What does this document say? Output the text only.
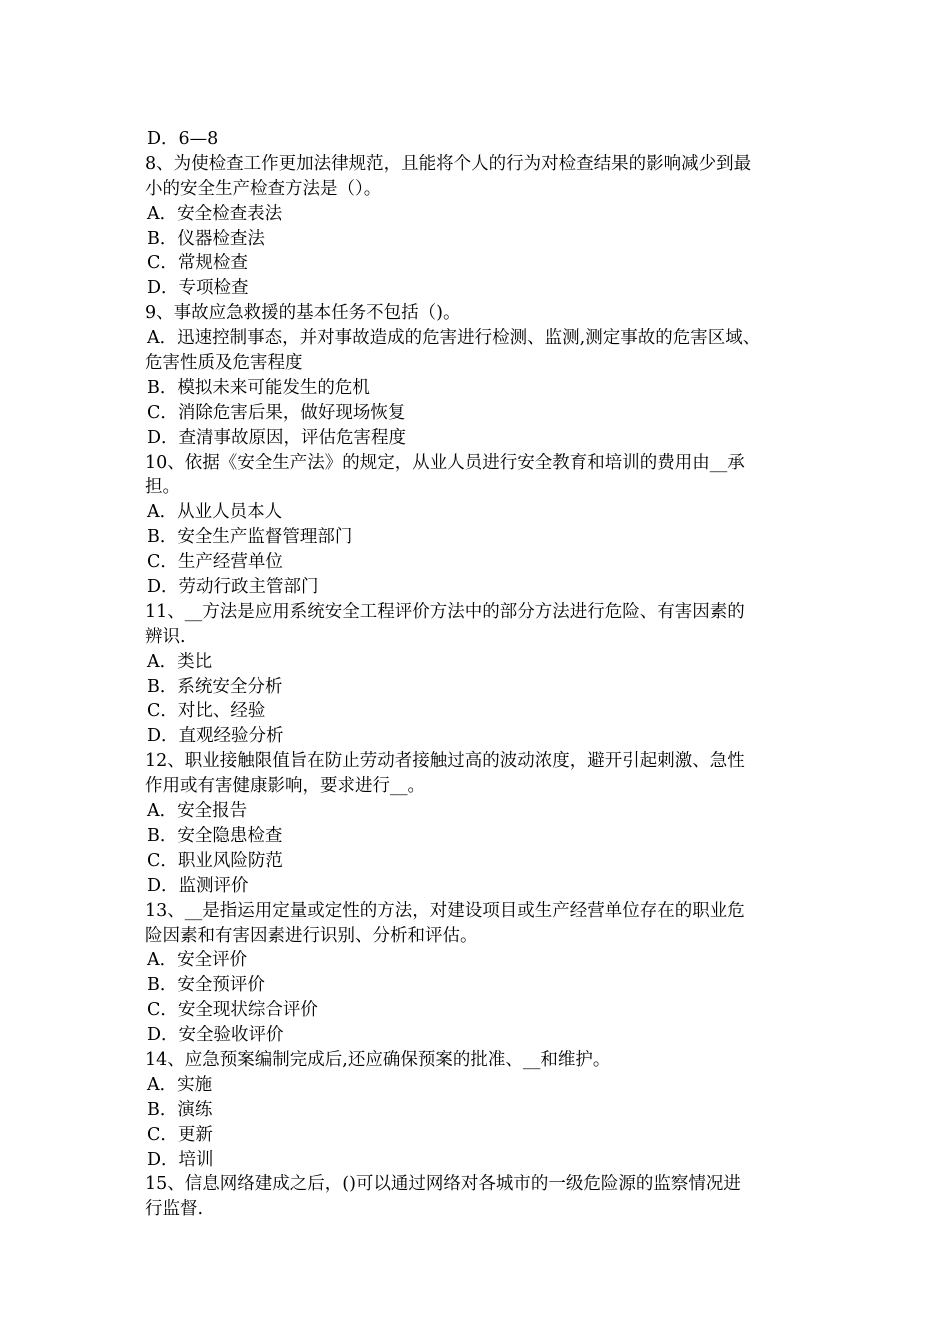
D．6—8
8、为使检查工作更加法律规范，且能将个人的行为对检查结果的影响减少到最
小的安全生产检查方法是（）。
A．安全检查表法
B．仪器检查法
C．常规检查
D．专项检查
9、事故应急救援的基本任务不包括（)。
A．迅速控制事态，并对事故造成的危害进行检测、监测,测定事故的危害区域、
危害性质及危害程度
B．模拟未来可能发生的危机
C．消除危害后果，做好现场恢复
D．查清事故原因，评估危害程度
10、依据《安全生产法》的规定，从业人员进行安全教育和培训的费用由__承
担。
A．从业人员本人
B．安全生产监督管理部门
C．生产经营单位
D．劳动行政主管部门
11、__方法是应用系统安全工程评价方法中的部分方法进行危险、有害因素的
辨识.
A．类比
B．系统安全分析
C．对比、经验
D．直观经验分析
12、职业接触限值旨在防止劳动者接触过高的波动浓度，避开引起刺激、急性
作用或有害健康影响，要求进行__。
A．安全报告
B．安全隐患检查
C．职业风险防范
D．监测评价
13、__是指运用定量或定性的方法，对建设项目或生产经营单位存在的职业危
险因素和有害因素进行识别、分析和评估。
A．安全评价
B．安全预评价
C．安全现状综合评价
D．安全验收评价
14、应急预案编制完成后,还应确保预案的批准、__和维护。
A．实施
B．演练
C．更新
D．培训
15、信息网络建成之后，()可以通过网络对各城市的一级危险源的监察情况进
行监督.
